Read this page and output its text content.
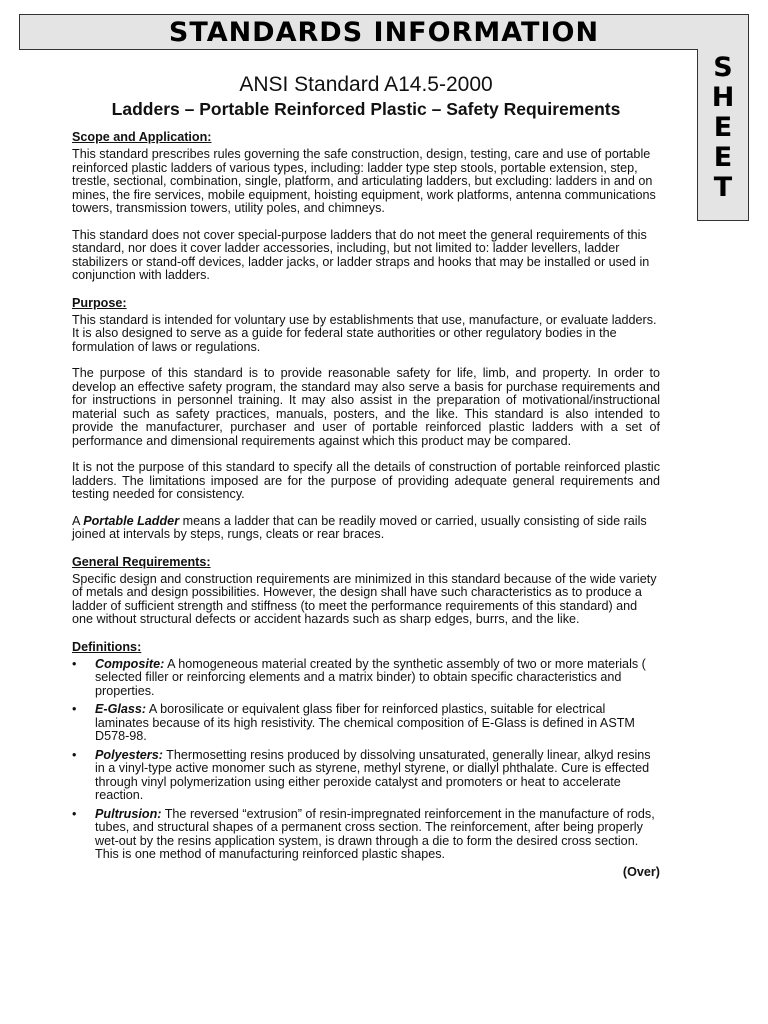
STANDARDS INFORMATION
S
H
E
E
T
ANSI Standard A14.5-2000
Ladders – Portable Reinforced Plastic – Safety Requirements
Scope and Application:

This standard prescribes rules governing the safe construction, design, testing, care and use of portable reinforced plastic ladders of various types, including: ladder type step stools, portable extension, step, trestle, sectional, combination, single, platform, and articulating ladders, but excluding: ladders in and on mines, the fire services, mobile equipment, hoisting equipment, work platforms, antenna communications towers, transmission towers, utility poles, and chimneys.

This standard does not cover special-purpose ladders that do not meet the general requirements of this standard, nor does it cover ladder accessories, including, but not limited to: ladder levellers, ladder stabilizers or stand-off devices, ladder jacks, or ladder straps and hooks that may be installed or used in conjunction with ladders.

Purpose:

This standard is intended for voluntary use by establishments that use, manufacture, or evaluate ladders. It is also designed to serve as a guide for federal state authorities or other regulatory bodies in the formulation of laws or regulations.

The purpose of this standard is to provide reasonable safety for life, limb, and property. In order to develop an effective safety program, the standard may also serve a basis for purchase requirements and for instructions in personnel training. It may also assist in the preparation of motivational/instructional material such as safety practices, manuals, posters, and the like. This standard is also intended to provide the manufacturer, purchaser and user of portable reinforced plastic ladders with a set of performance and dimensional requirements against which this product may be compared.

It is not the purpose of this standard to specify all the details of construction of portable reinforced plastic ladders. The limitations imposed are for the purpose of providing adequate general requirements and testing needed for consistency.

A Portable Ladder means a ladder that can be readily moved or carried, usually consisting of side rails joined at intervals by steps, rungs, cleats or rear braces.

General Requirements:

Specific design and construction requirements are minimized in this standard because of the wide variety of metals and design possibilities. However, the design shall have such characteristics as to produce a ladder of sufficient strength and stiffness (to meet the performance requirements of this standard) and one without structural defects or accident hazards such as sharp edges, burrs, and the like.

Definitions:
• Composite: A homogeneous material created by the synthetic assembly of two or more materials ( selected filler or reinforcing elements and a matrix binder) to obtain specific characteristics and properties.
• E-Glass: A borosilicate or equivalent glass fiber for reinforced plastics, suitable for electrical laminates because of its high resistivity. The chemical composition of E-Glass is defined in ASTM D578-98.
• Polyesters: Thermosetting resins produced by dissolving unsaturated, generally linear, alkyd resins in a vinyl-type active monomer such as styrene, methyl styrene, or diallyl phthalate. Cure is effected through vinyl polymerization using either peroxide catalyst and promoters or heat to accelerate reaction.
• Pultrusion: The reversed “extrusion” of resin-impregnated reinforcement in the manufacture of rods, tubes, and structural shapes of a permanent cross section. The reinforcement, after being properly wet-out by the resins application system, is drawn through a die to form the desired cross section. This is one method of manufacturing reinforced plastic shapes.
(Over)
